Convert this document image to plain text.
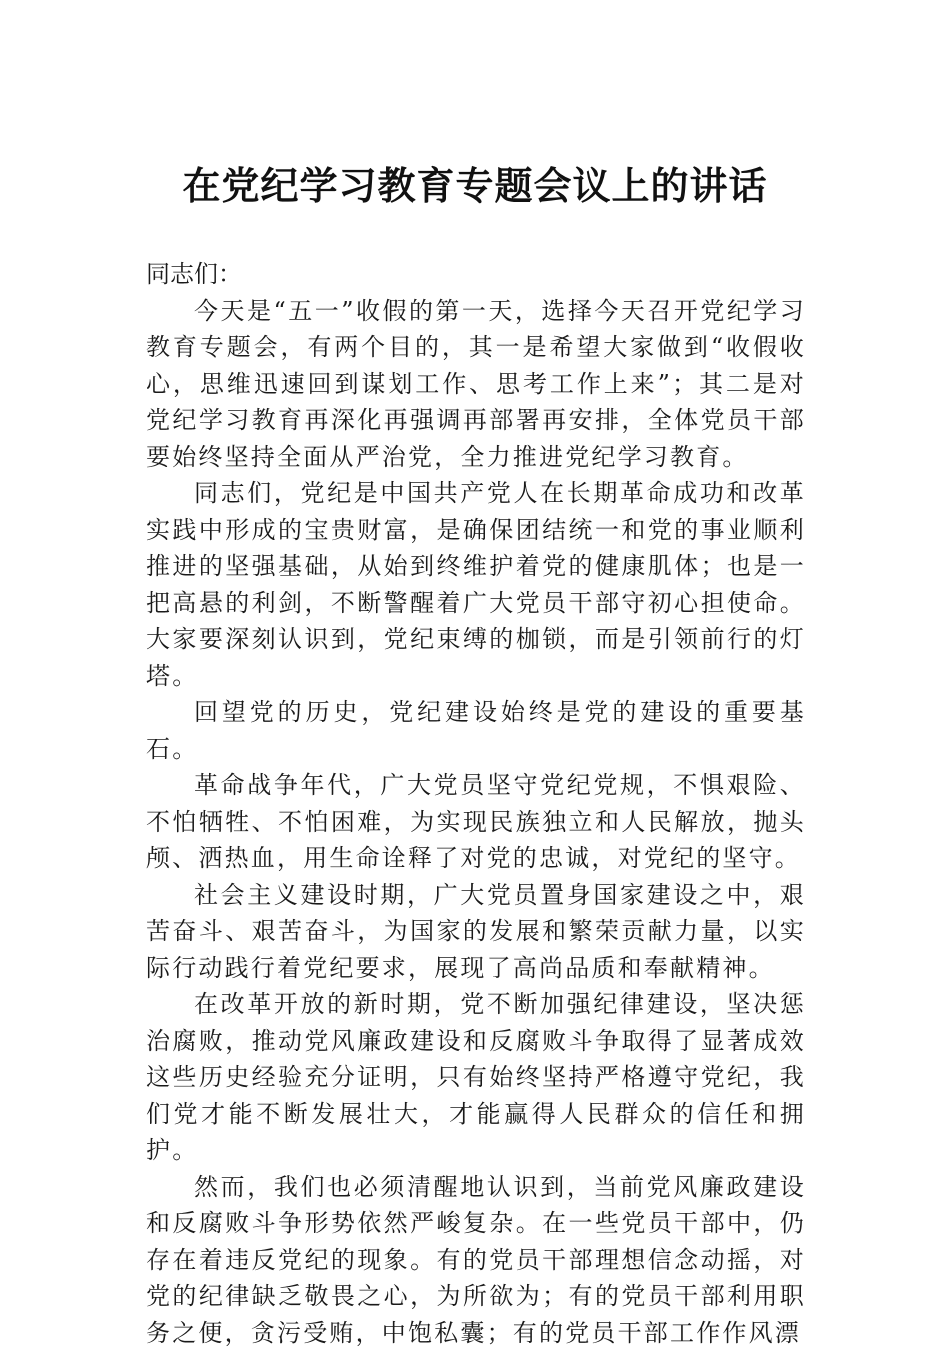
在党纪学习教育专题会议上的讲话

同志们：

今天是“五一”收假的第一天，选择今天召开党纪学习教育专题会，有两个目的，其一是希望大家做到“收假收心，思维迅速回到谋划工作、思考工作上来”；其二是对党纪学习教育再深化再强调再部署再安排，全体党员干部要始终坚持全面从严治党，全力推进党纪学习教育。

同志们，党纪是中国共产党人在长期革命成功和改革实践中形成的宝贵财富，是确保团结统一和党的事业顺利推进的坚强基础，从始到终维护着党的健康肌体；也是一把高悬的利剑，不断警醒着广大党员干部守初心担使命。大家要深刻认识到，党纪束缚的枷锁，而是引领前行的灯塔。

回望党的历史，党纪建设始终是党的建设的重要基石。

革命战争年代，广大党员坚守党纪党规，不惧艰险、不怕牺牲、不怕困难，为实现民族独立和人民解放，抛头颅、洒热血，用生命诠释了对党的忠诚，对党纪的坚守。

社会主义建设时期，广大党员置身国家建设之中，艰苦奋斗、艰苦奋斗，为国家的发展和繁荣贡献力量，以实际行动践行着党纪要求，展现了高尚品质和奉献精神。

在改革开放的新时期，党不断加强纪律建设，坚决惩治腐败，推动党风廉政建设和反腐败斗争取得了显著成效这些历史经验充分证明，只有始终坚持严格遵守党纪，我们党才能不断发展壮大，才能赢得人民群众的信任和拥护。

然而，我们也必须清醒地认识到，当前党风廉政建设和反腐败斗争形势依然严峻复杂。在一些党员干部中，仍存在着违反党纪的现象。有的党员干部理想信念动摇，对党的纪律缺乏敬畏之心，为所欲为；有的党员干部利用职务之便，贪污受贿，中饱私囊；有的党员干部工作作风漂
